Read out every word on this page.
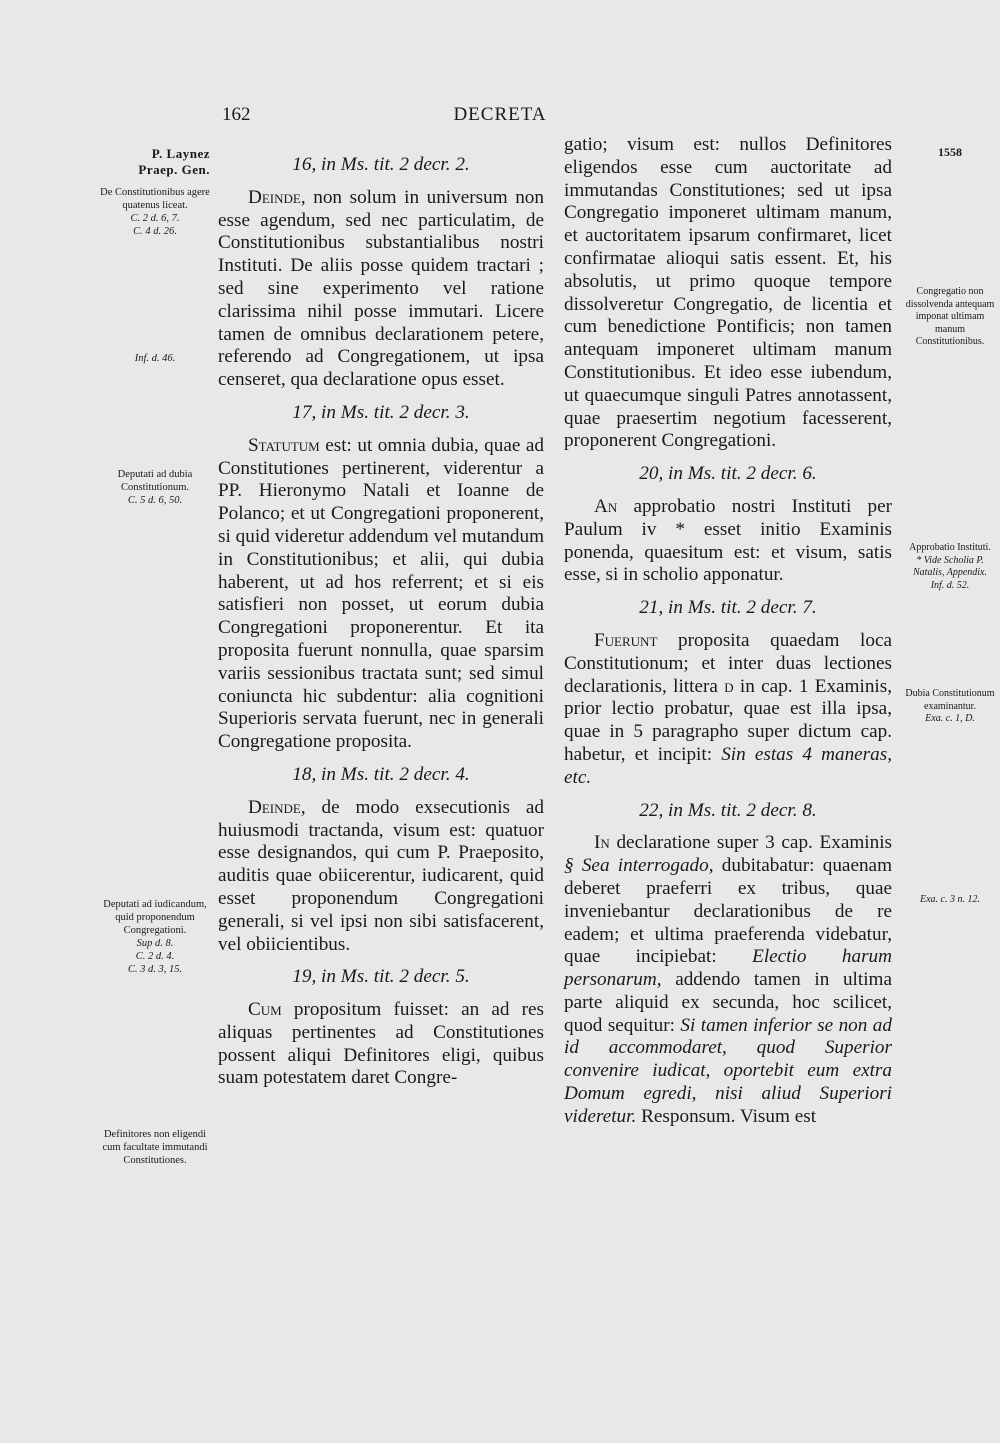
162	DECRETA
P. Laynez
Praep. Gen.
De Constitutionibus agere quatenus liceat.
C. 2 d. 6, 7.
C. 4 d. 26.
Inf. d. 46.
Deputati ad dubia Constitutionum.
C. 5 d. 6, 50.
Deputati ad iudicandum, quid proponendum Congregationi.
Sup d. 8.
C. 2 d. 4.
C. 3 d. 3, 15.
Definitores non eligendi cum facultate immutandi Constitutiones.
1558
Congregatio non dissolvenda antequam imponat ultimam manum Constitutionibus.
Approbatio Instituti.
* Vide Scholia P. Natalis, Appendix.
Inf. d. 52.
Dubia Constitutionum examinantur.
Exa. c. 1, D.
Exa. c. 3 n. 12.

16, in Ms. tit. 2 decr. 2.

Deinde, non solum in universum non esse agendum, sed nec particulatim, de Constitutionibus substantialibus nostri Instituti. De aliis posse quidem tractari ; sed sine experimento vel ratione clarissima nihil posse immutari. Licere tamen de omnibus declarationem petere, referendo ad Congregationem, ut ipsa censeret, qua declaratione opus esset.

17, in Ms. tit. 2 decr. 3.

Statutum est: ut omnia dubia, quae ad Constitutiones pertinerent, viderentur a PP. Hieronymo Natali et Ioanne de Polanco; et ut Congregationi proponerent, si quid videretur addendum vel mutandum in Constitutionibus; et alii, qui dubia haberent, ut ad hos referrent; et si eis satisfieri non posset, ut eorum dubia Congregationi proponerentur. Et ita proposita fuerunt nonnulla, quae sparsim variis sessionibus tractata sunt; sed simul coniuncta hic subdentur: alia cognitioni Superioris servata fuerunt, nec in generali Congregatione proposita.

18, in Ms. tit. 2 decr. 4.

Deinde, de modo exsecutionis ad huiusmodi tractanda, visum est: quatuor esse designandos, qui cum P. Praeposito, auditis quae obiicerentur, iudicarent, quid esset proponendum Congregationi generali, si vel ipsi non sibi satisfacerent, vel obiicientibus.

19, in Ms. tit. 2 decr. 5.

Cum propositum fuisset: an ad res aliquas pertinentes ad Constitutiones possent aliqui Definitores eligi, quibus suam potestatem daret Congre-

gatio; visum est: nullos Definitores eligendos esse cum auctoritate ad immutandas Constitutiones; sed ut ipsa Congregatio imponeret ultimam manum, et auctoritatem ipsarum confirmaret, licet confirmatae alioqui satis essent. Et, his absolutis, ut primo quoque tempore dissolveretur Congregatio, de licentia et cum benedictione Pontificis; non tamen antequam imponeret ultimam manum Constitutionibus. Et ideo esse iubendum, ut quaecumque singuli Patres annotassent, quae praesertim negotium facesserent, proponerent Congregationi.

20, in Ms. tit. 2 decr. 6.

An approbatio nostri Instituti per Paulum iv * esset initio Examinis ponenda, quaesitum est: et visum, satis esse, si in scholio apponatur.

21, in Ms. tit. 2 decr. 7.

Fuerunt proposita quaedam loca Constitutionum; et inter duas lectiones declarationis, littera d in cap. 1 Examinis, prior lectio probatur, quae est illa ipsa, quae in 5 paragrapho super dictum cap. habetur, et incipit: Sin estas 4 maneras, etc.

22, in Ms. tit. 2 decr. 8.

In declaratione super 3 cap. Examinis § Sea interrogado, dubitabatur: quaenam deberet praeferri ex tribus, quae inveniebantur declarationibus de re eadem; et ultima praeferenda videbatur, quae incipiebat: Electio harum personarum, addendo tamen in ultima parte aliquid ex secunda, hoc scilicet, quod sequitur: Si tamen inferior se non ad id accommodaret, quod Superior convenire iudicat, oportebit eum extra Domum egredi, nisi aliud Superiori videretur. Responsum. Visum est
